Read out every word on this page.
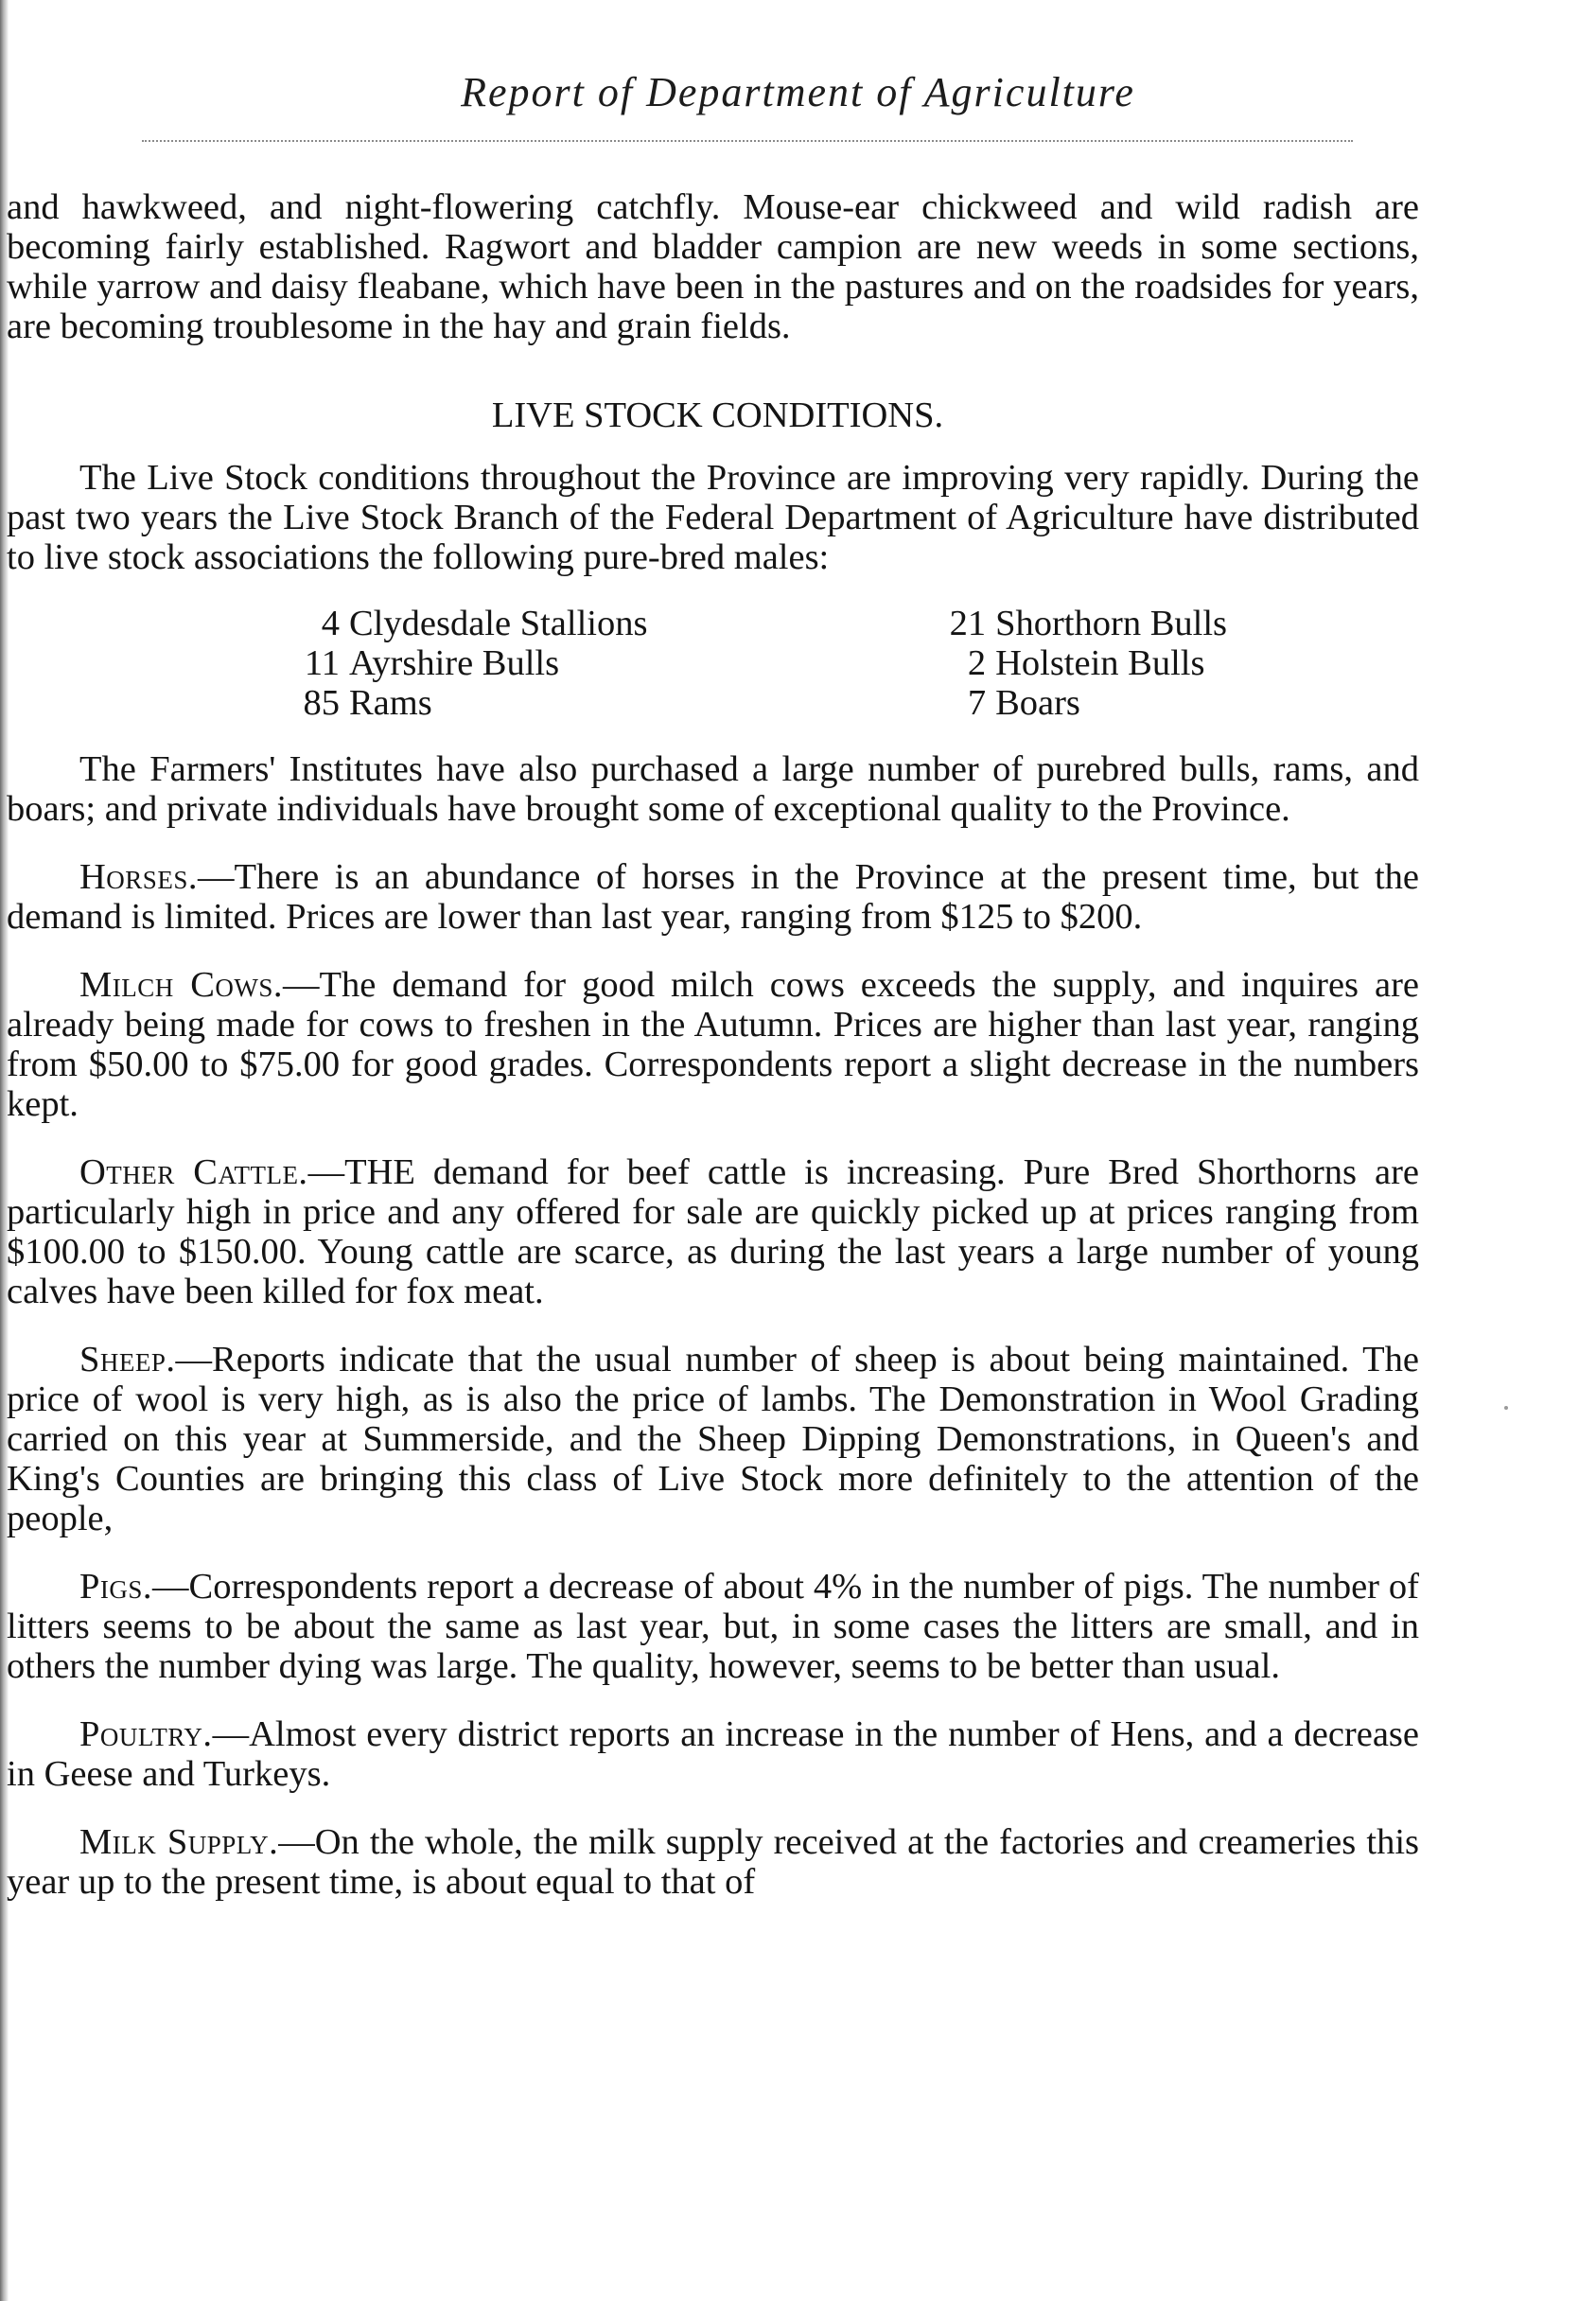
Report of Department of Agriculture

and hawkweed, and night-flowering catchfly. Mouse-ear chickweed and wild radish are becoming fairly established. Ragwort and bladder campion are new weeds in some sections, while yarrow and daisy fleabane, which have been in the pastures and on the roadsides for years, are becoming troublesome in the hay and grain fields.

LIVE STOCK CONDITIONS.

The Live Stock conditions throughout the Province are improving very rapidly. During the past two years the Live Stock Branch of the Federal Department of Agriculture have distributed to live stock associations the following pure-bred males:

4 Clydesdale Stallions
11 Ayrshire Bulls
85 Rams
21 Shorthorn Bulls
2 Holstein Bulls
7 Boars

The Farmers' Institutes have also purchased a large number of purebred bulls, rams, and boars; and private individuals have brought some of exceptional quality to the Province.

Horses.—There is an abundance of horses in the Province at the present time, but the demand is limited. Prices are lower than last year, ranging from $125 to $200.

Milch Cows.—The demand for good milch cows exceeds the supply, and inquires are already being made for cows to freshen in the Autumn. Prices are higher than last year, ranging from $50.00 to $75.00 for good grades. Correspondents report a slight decrease in the numbers kept.

Other Cattle.—THE demand for beef cattle is increasing. Pure Bred Shorthorns are particularly high in price and any offered for sale are quickly picked up at prices ranging from $100.00 to $150.00. Young cattle are scarce, as during the last years a large number of young calves have been killed for fox meat.

Sheep.—Reports indicate that the usual number of sheep is about being maintained. The price of wool is very high, as is also the price of lambs. The Demonstration in Wool Grading carried on this year at Summerside, and the Sheep Dipping Demonstrations, in Queen's and King's Counties are bringing this class of Live Stock more definitely to the attention of the people,

Pigs.—Correspondents report a decrease of about 4% in the number of pigs. The number of litters seems to be about the same as last year, but, in some cases the litters are small, and in others the number dying was large. The quality, however, seems to be better than usual.

Poultry.—Almost every district reports an increase in the number of Hens, and a decrease in Geese and Turkeys.

Milk Supply.—On the whole, the milk supply received at the factories and creameries this year up to the present time, is about equal to that of
